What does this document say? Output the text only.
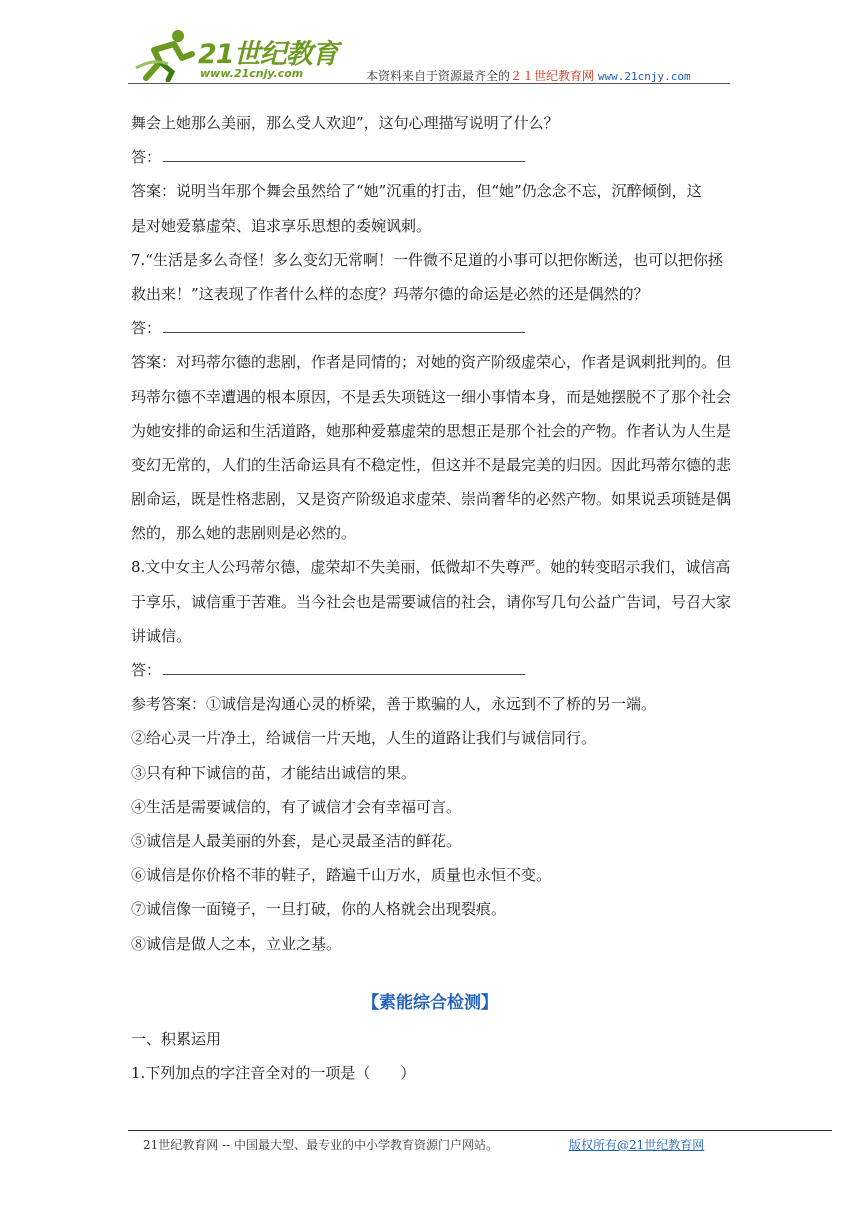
21世纪教育
www.21cnjy.com	本资料来自于资源最齐全的２１世纪教育网 www.21cnjy.com
舞会上她那么美丽，那么受人欢迎”，这句心理描写说明了什么？
答：
答案：说明当年那个舞会虽然给了“她”沉重的打击，但“她”仍念念不忘，沉醉倾倒，这
是对她爱慕虚荣、追求享乐思想的委婉讽刺。
7.“生活是多么奇怪！多么变幻无常啊！一件微不足道的小事可以把你断送，也可以把你拯
救出来！”这表现了作者什么样的态度？玛蒂尔德的命运是必然的还是偶然的？
答：
答案：对玛蒂尔德的悲剧，作者是同情的；对她的资产阶级虚荣心，作者是讽刺批判的。但
玛蒂尔德不幸遭遇的根本原因，不是丢失项链这一细小事情本身，而是她摆脱不了那个社会
为她安排的命运和生活道路，她那种爱慕虚荣的思想正是那个社会的产物。作者认为人生是
变幻无常的，人们的生活命运具有不稳定性，但这并不是最完美的归因。因此玛蒂尔德的悲
剧命运，既是性格悲剧，又是资产阶级追求虚荣、崇尚奢华的必然产物。如果说丢项链是偶
然的，那么她的悲剧则是必然的。
8.文中女主人公玛蒂尔德，虚荣却不失美丽，低微却不失尊严。她的转变昭示我们，诚信高
于享乐，诚信重于苦难。当今社会也是需要诚信的社会，请你写几句公益广告词，号召大家
讲诚信。
答：
参考答案：①诚信是沟通心灵的桥梁，善于欺骗的人，永远到不了桥的另一端。
②给心灵一片净土，给诚信一片天地，人生的道路让我们与诚信同行。
③只有种下诚信的苗，才能结出诚信的果。
④生活是需要诚信的，有了诚信才会有幸福可言。
⑤诚信是人最美丽的外套，是心灵最圣洁的鲜花。
⑥诚信是你价格不菲的鞋子，踏遍千山万水，质量也永恒不变。
⑦诚信像一面镜子，一旦打破，你的人格就会出现裂痕。
⑧诚信是做人之本，立业之基。
【素能综合检测】
一、积累运用
1.下列加点的字注音全对的一项是（　　）
21世纪教育网 -- 中国最大型、最专业的中小学教育资源门户网站。	版权所有@21世纪教育网
